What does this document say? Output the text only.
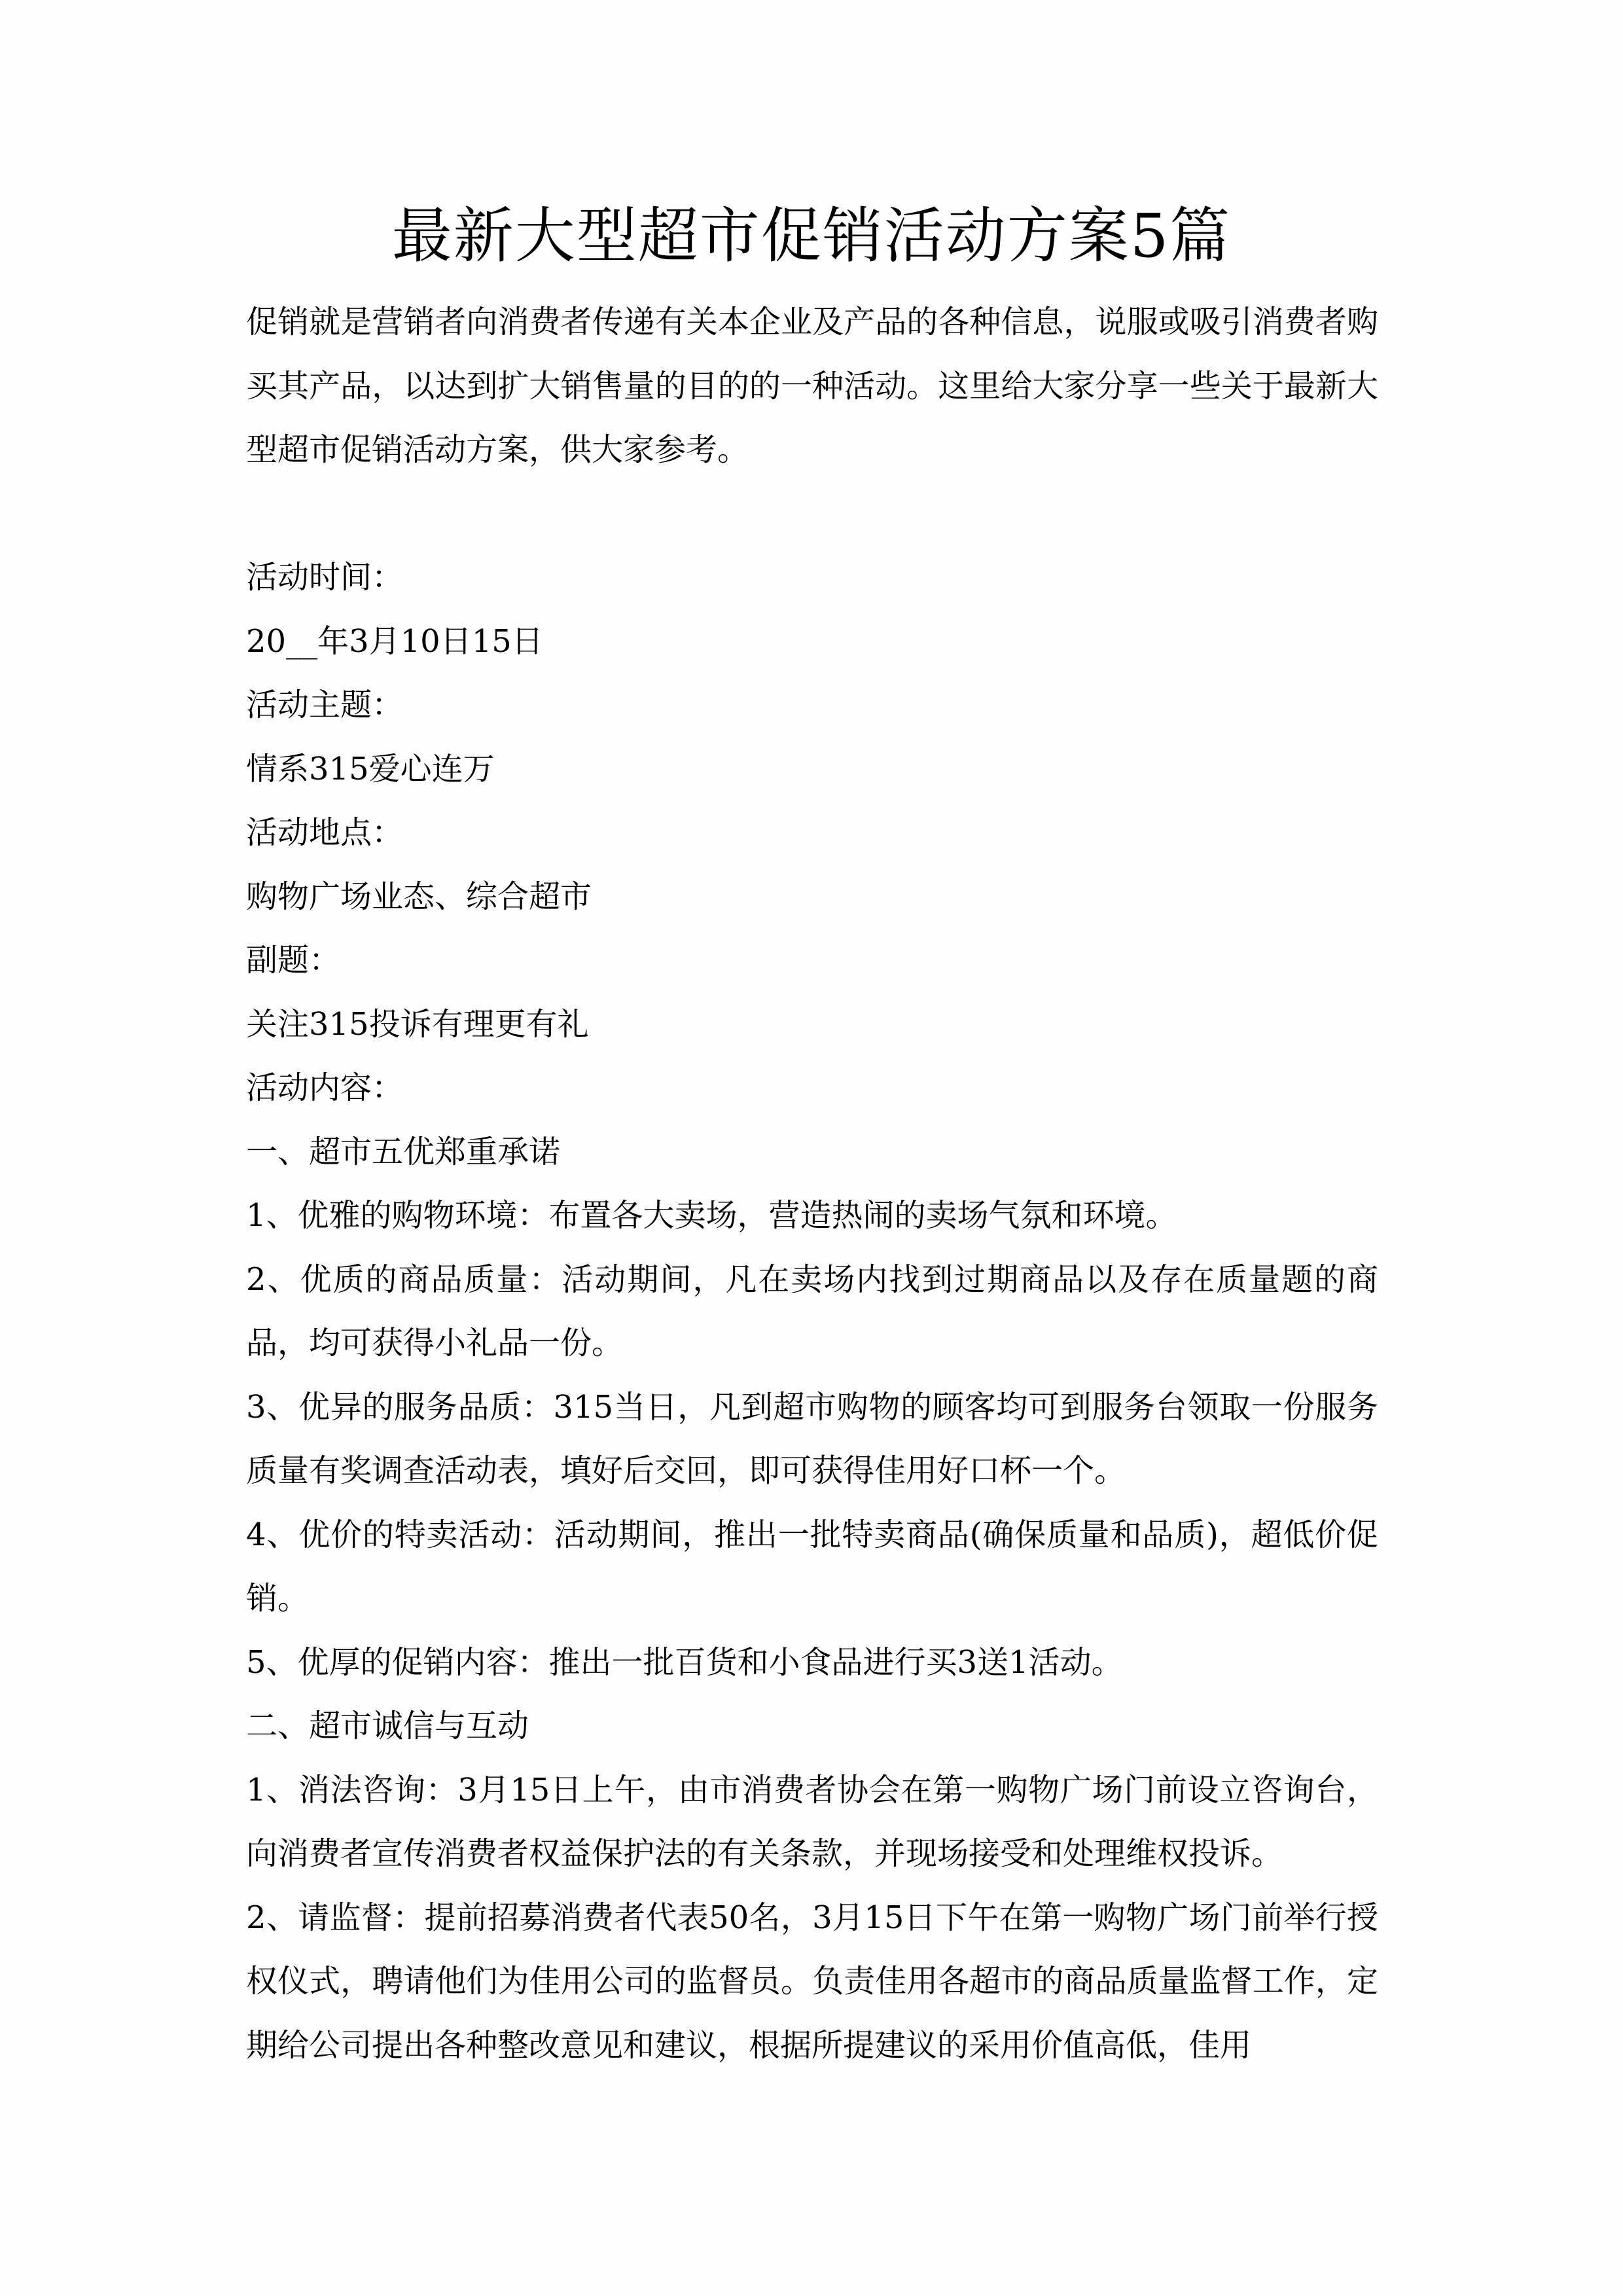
最新大型超市促销活动方案5篇

促销就是营销者向消费者传递有关本企业及产品的各种信息，说服或吸引消费者购买其产品，以达到扩大销售量的目的的一种活动。这里给大家分享一些关于最新大型超市促销活动方案，供大家参考。

活动时间：

20__年3月10日15日

活动主题：

情系315爱心连万

活动地点：

购物广场业态、综合超市

副题：

关注315投诉有理更有礼

活动内容：

一、超市五优郑重承诺

1、优雅的购物环境：布置各大卖场，营造热闹的卖场气氛和环境。

2、优质的商品质量：活动期间，凡在卖场内找到过期商品以及存在质量题的商品，均可获得小礼品一份。

3、优异的服务品质：315当日，凡到超市购物的顾客均可到服务台领取一份服务质量有奖调查活动表，填好后交回，即可获得佳用好口杯一个。

4、优价的特卖活动：活动期间，推出一批特卖商品(确保质量和品质)，超低价促销。

5、优厚的促销内容：推出一批百货和小食品进行买3送1活动。

二、超市诚信与互动

1、消法咨询：3月15日上午，由市消费者协会在第一购物广场门前设立咨询台，向消费者宣传消费者权益保护法的有关条款，并现场接受和处理维权投诉。

2、请监督：提前招募消费者代表50名，3月15日下午在第一购物广场门前举行授权仪式，聘请他们为佳用公司的监督员。负责佳用各超市的商品质量监督工作，定期给公司提出各种整改意见和建议，根据所提建议的采用价值高低，佳用
